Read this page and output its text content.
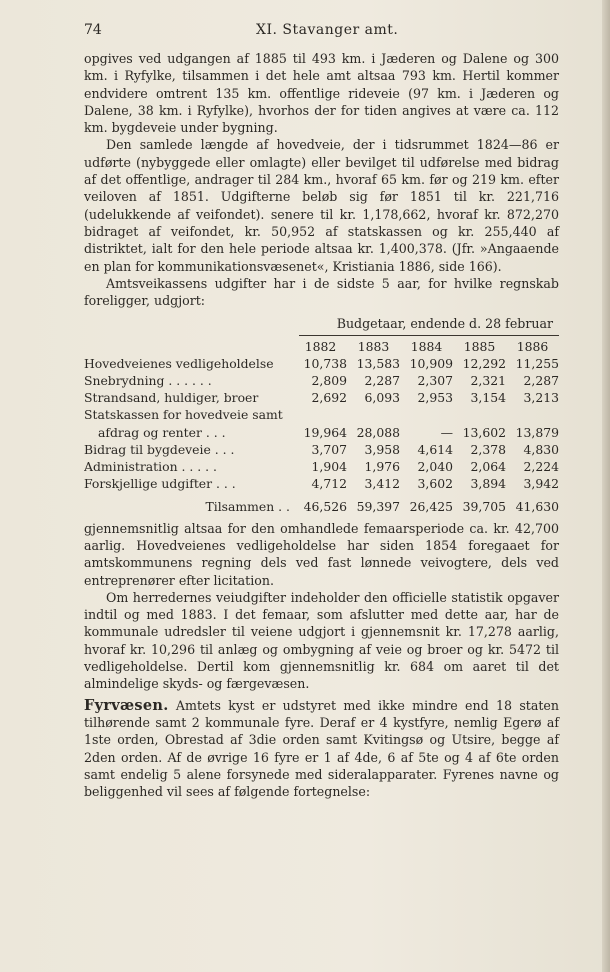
74	XI. Stavanger amt.

opgives ved udgangen af 1885 til 493 km. i Jæderen og Dalene og 300 km. i Ryfylke, tilsammen i det hele amt altsaa 793 km. Hertil kommer endvidere omtrent 135 km. offentlige rideveie (97 km. i Jæderen og Dalene, 38 km. i Ryfylke), hvorhos der for tiden angives at være ca. 112 km. bygdeveie under bygning.

Den samlede længde af hovedveie, der i tidsrummet 1824—86 er udførte (nybyggede eller omlagte) eller bevilget til udførelse med bidrag af det offentlige, andrager til 284 km., hvoraf 65 km. før og 219 km. efter veiloven af 1851. Udgifterne beløb sig før 1851 til kr. 221,716 (udelukkende af veifondet). senere til kr. 1,178,662, hvoraf kr. 872,270 bidraget af veifondet, kr. 50,952 af statskassen og kr. 255,440 af distriktet, ialt for den hele periode altsaa kr. 1,400,378. (Jfr. »Angaaende en plan for kommunikationsvæsenet«, Kristiania 1886, side 166).

Amtsveikassens udgifter har i de sidste 5 aar, for hvilke regnskab foreligger, udgjort:

Budgetaar, endende d. 28 februar
1882	1883	1884	1885	1886
Hovedveienes vedligeholdelse	10,738 13,583 10,909 12,292 11,255
Snebrydning . . . . . .	2,809	2,287	2,307	2,321	2,287
Strandsand, huldiger, broer	2,692	6,093	2,953	3,154	3,213
Statskassen for hovedveie samt
afdrag og renter . . .	19,964 28,088	— 13,602 13,879
Bidrag til bygdeveie . . .	3,707	3,958	4,614	2,378	4,830
Administration . . . . .	1,904	1,976	2,040	2,064	2,224
Forskjellige udgifter . . .	4,712	3,412	3,602	3,894	3,942
Tilsammen . .	46,526 59,397 26,425 39,705 41,630

gjennemsnitlig altsaa for den omhandlede femaarsperiode ca. kr. 42,700 aarlig. Hovedveienes vedligeholdelse har siden 1854 foregaaet for amtskommunens regning dels ved fast lønnede veivogtere, dels ved entreprenører efter licitation.

Om herredernes veiudgifter indeholder den officielle statistik opgaver indtil og med 1883. I det femaar, som afslutter med dette aar, har de kommunale udredsler til veiene udgjort i gjennemsnit kr. 17,278 aarlig, hvoraf kr. 10,296 til anlæg og ombygning af veie og broer og kr. 5472 til vedligeholdelse. Dertil kom gjennemsnitlig kr. 684 om aaret til det almindelige skyds- og færgevæsen.

Fyrvæsen. Amtets kyst er udstyret med ikke mindre end 18 staten tilhørende samt 2 kommunale fyre. Deraf er 4 kystfyre, nemlig Egerø af 1ste orden, Obrestad af 3die orden samt Kvitingsø og Utsire, begge af 2den orden. Af de øvrige 16 fyre er 1 af 4de, 6 af 5te og 4 af 6te orden samt endelig 5 alene forsynede med sideralapparater. Fyrenes navne og beliggenhed vil sees af følgende fortegnelse:
